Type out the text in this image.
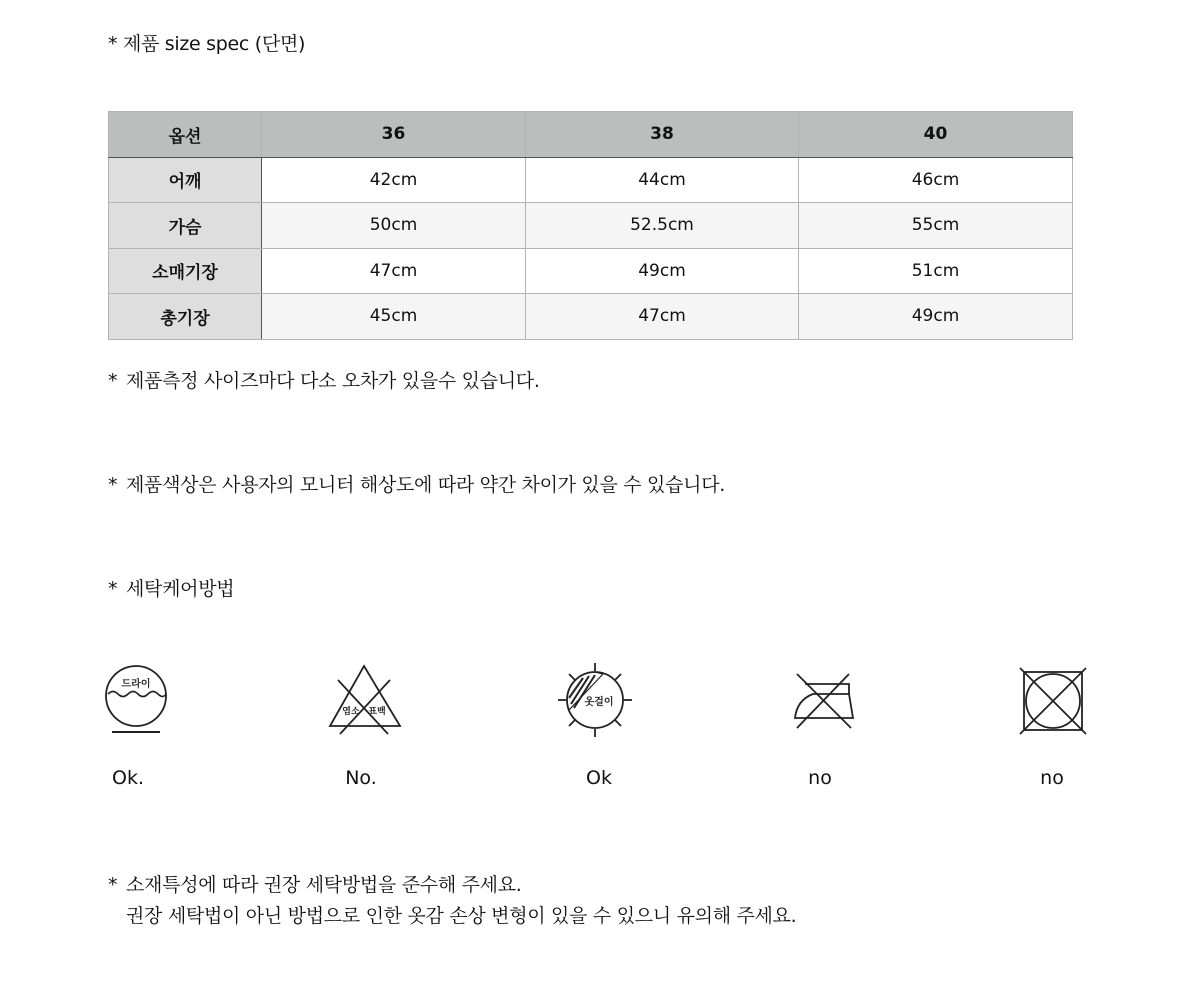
* 제품 size spec (단면)
옵션	36	38	40
어깨	42cm	44cm	46cm
가슴	50cm	52.5cm	55cm
소매기장	47cm	49cm	51cm
총기장	45cm	47cm	49cm
* 제품측정 사이즈마다 다소 오차가 있을수 있습니다.
* 제품색상은 사용자의 모니터 해상도에 따라 약간 차이가 있을 수 있습니다.
* 세탁케어방법
드라이
염소 표백
옷걸이
Ok.	No.	Ok	no	no
* 소재특성에 따라 권장 세탁방법을 준수해 주세요.
권장 세탁법이 아닌 방법으로 인한 옷감 손상 변형이 있을 수 있으니 유의해 주세요.
